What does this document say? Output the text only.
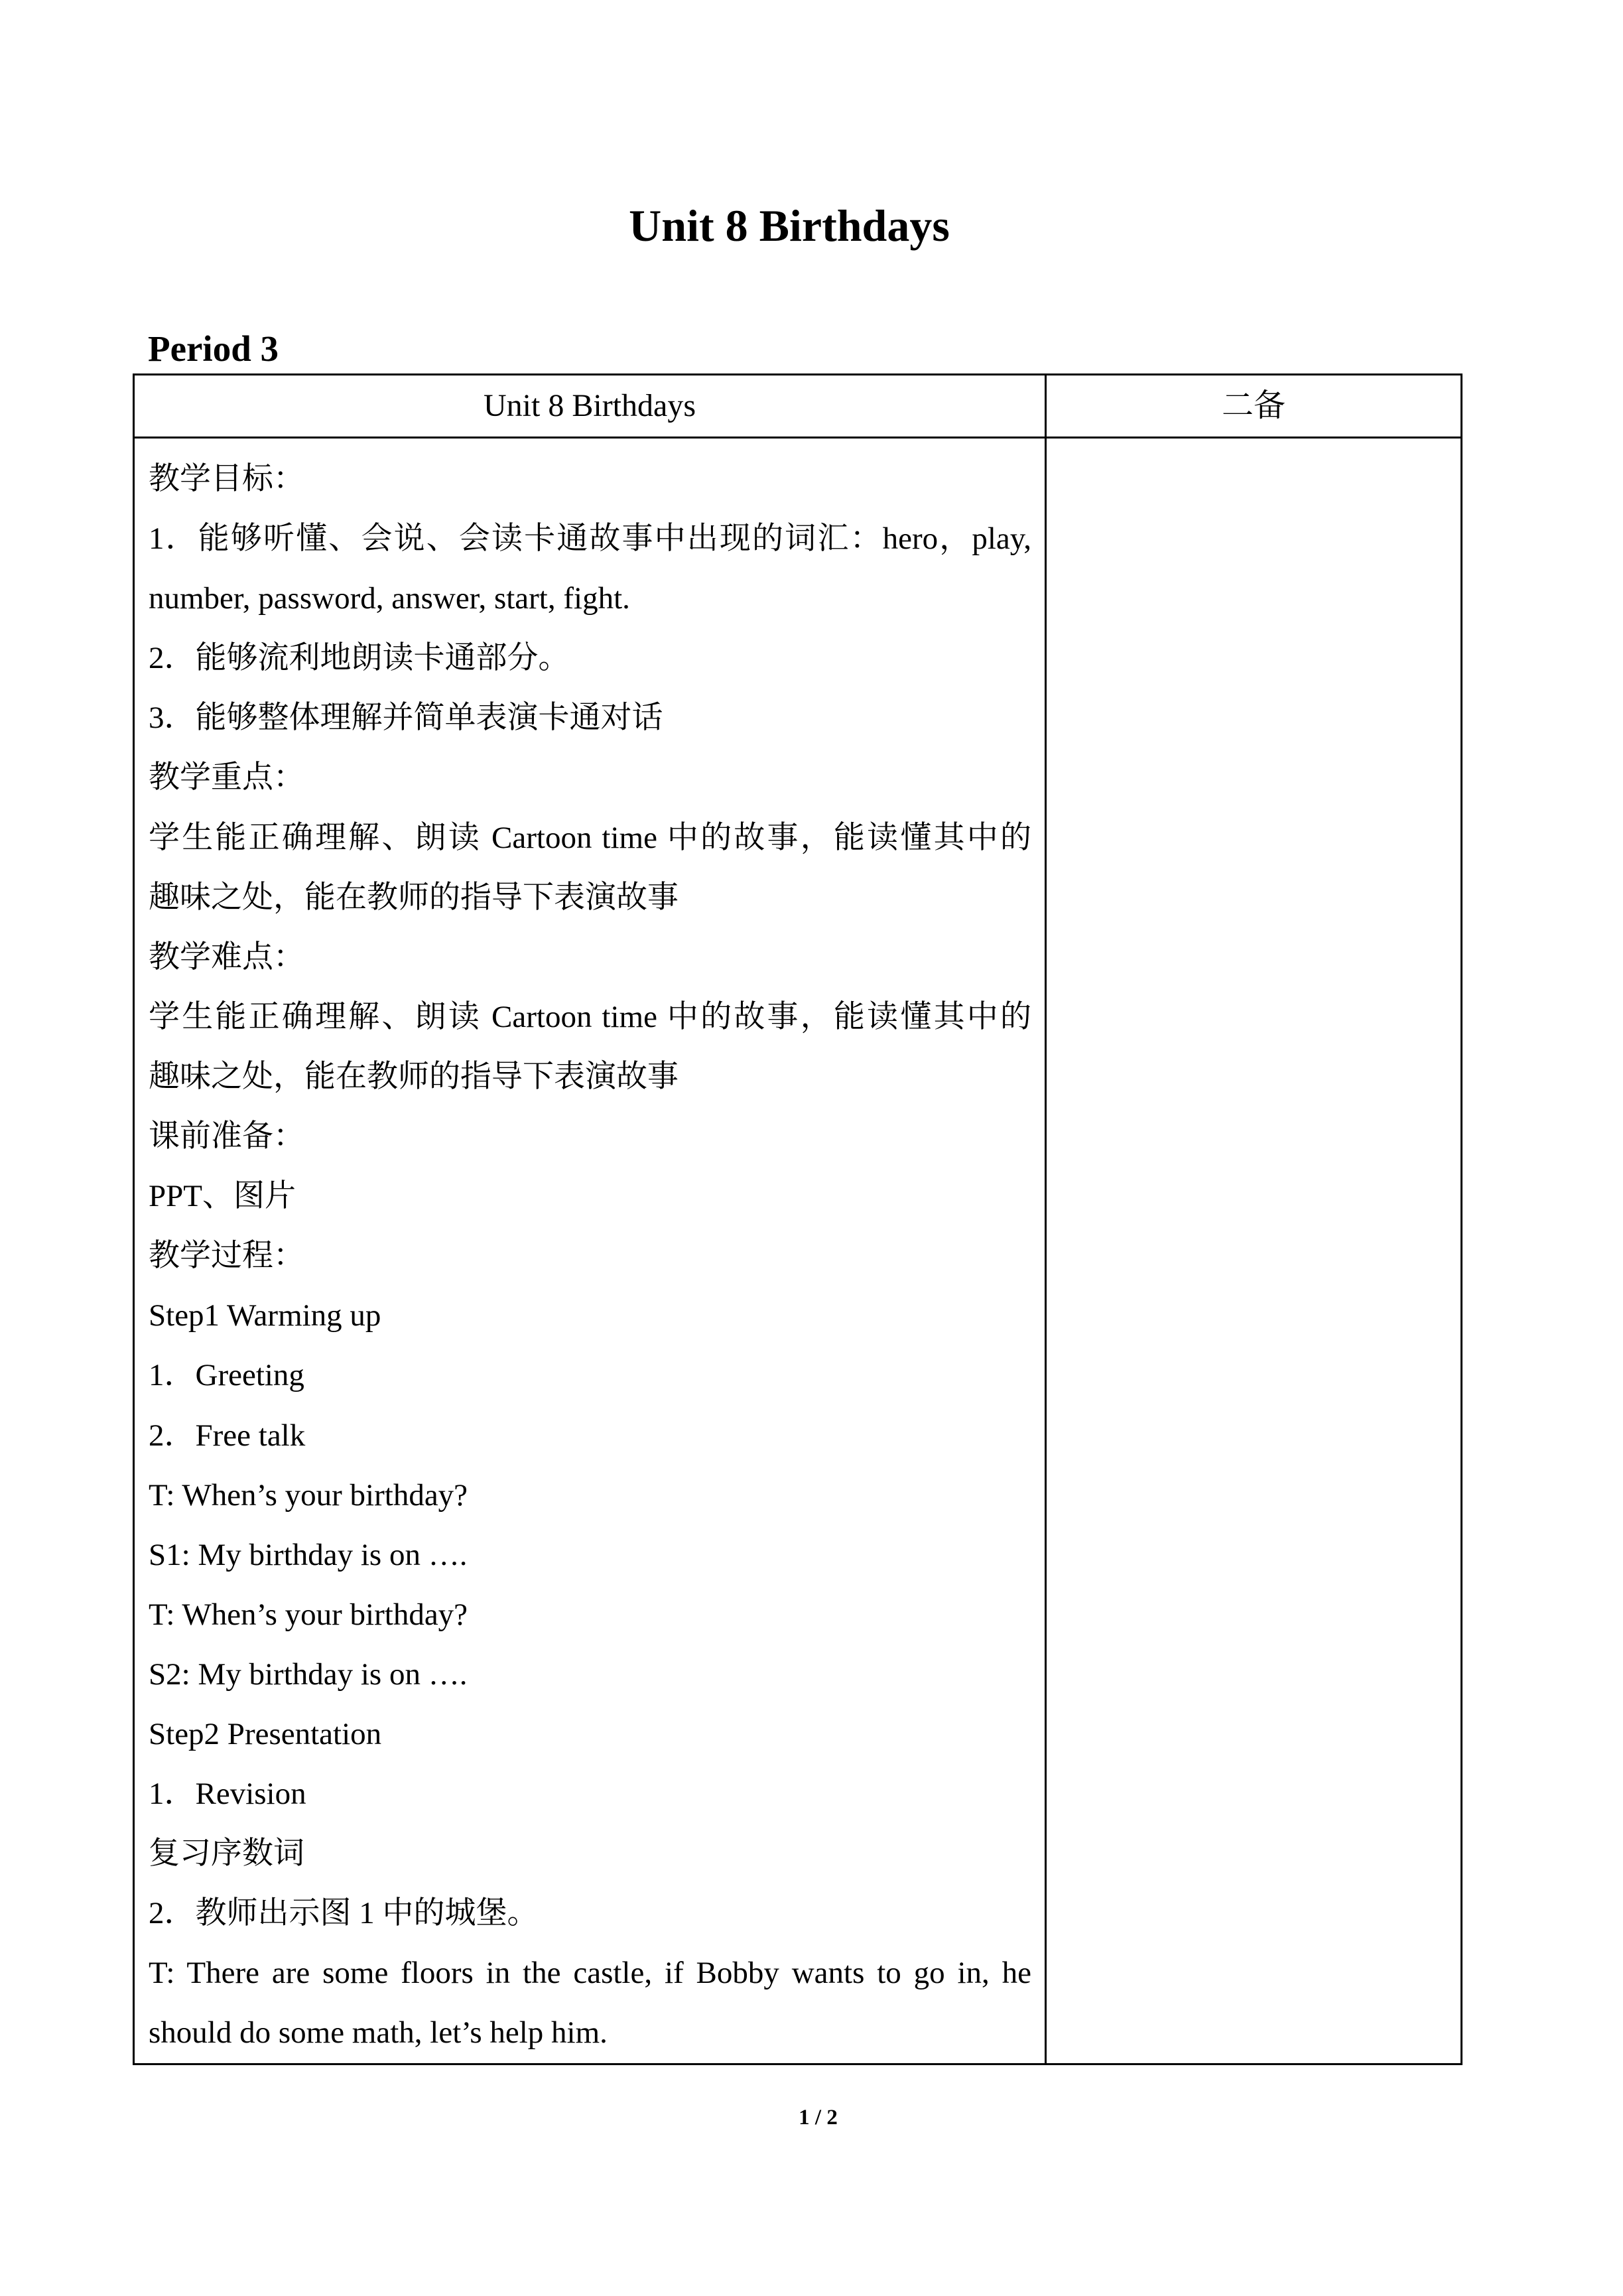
Unit 8 Birthdays
Period 3
Unit 8 Birthdays	二备

教学目标：
1．能够听懂、会说、会读卡通故事中出现的词汇：hero，play,
number, password, answer, start, fight.
2．能够流利地朗读卡通部分。
3．能够整体理解并简单表演卡通对话
教学重点：
学生能正确理解、朗读 Cartoon time 中的故事，能读懂其中的
趣味之处，能在教师的指导下表演故事
教学难点：
学生能正确理解、朗读 Cartoon time 中的故事，能读懂其中的
趣味之处，能在教师的指导下表演故事
课前准备：
PPT、图片
教学过程：
Step1 Warming up
1．Greeting
2．Free talk
T: When’s your birthday?
S1: My birthday is on ….
T: When’s your birthday?
S2: My birthday is on ….
Step2 Presentation
1．Revision
复习序数词
2．教师出示图 1 中的城堡。
T: There are some floors in the castle, if Bobby wants to go in, he
should do some math, let’s help him.

1 / 2
